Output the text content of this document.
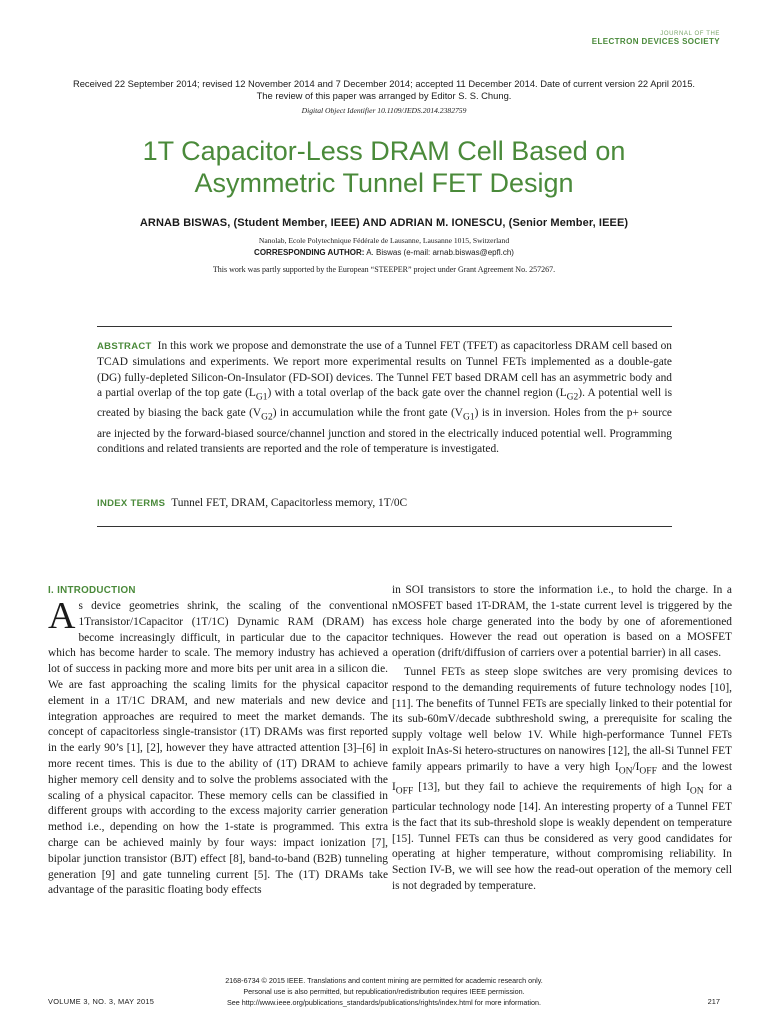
JOURNAL OF THE
ELECTRON DEVICES SOCIETY
Received 22 September 2014; revised 12 November 2014 and 7 December 2014; accepted 11 December 2014. Date of current version 22 April 2015.
The review of this paper was arranged by Editor S. S. Chung.
Digital Object Identifier 10.1109/JEDS.2014.2382759
1T Capacitor-Less DRAM Cell Based on
Asymmetric Tunnel FET Design
ARNAB BISWAS, (Student Member, IEEE) AND ADRIAN M. IONESCU, (Senior Member, IEEE)
Nanolab, Ecole Polytechnique Fédérale de Lausanne, Lausanne 1015, Switzerland
CORRESPONDING AUTHOR: A. Biswas (e-mail: arnab.biswas@epfl.ch)
This work was partly supported by the European “STEEPER” project under Grant Agreement No. 257267.
ABSTRACT In this work we propose and demonstrate the use of a Tunnel FET (TFET) as capacitorless DRAM cell based on TCAD simulations and experiments. We report more experimental results on Tunnel FETs implemented as a double-gate (DG) fully-depleted Silicon-On-Insulator (FD-SOI) devices. The Tunnel FET based DRAM cell has an asymmetric body and a partial overlap of the top gate $(L_{G1})$ with a total overlap of the back gate over the channel region $(L_{G2})$. A potential well is created by biasing the back gate $(V_{G2})$ in accumulation while the front gate $(V_{G1})$ is in inversion. Holes from the p+ source are injected by the forward-biased source/channel junction and stored in the electrically induced potential well. Programming conditions and related transients are reported and the role of temperature is investigated.
INDEX TERMS Tunnel FET, DRAM, Capacitorless memory, 1T/0C
I. INTRODUCTION

As device geometries shrink, the scaling of the conventional 1Transistor/1Capacitor (1T/1C) Dynamic RAM (DRAM) has become increasingly difficult, in particular due to the capacitor which has become harder to scale. The memory industry has achieved a lot of success in packing more and more bits per unit area in a silicon die. We are fast approaching the scaling limits for the physical capacitor element in a 1T/1C DRAM, and new materials and new device and integration approaches are required to meet the market demands. The concept of capacitorless single-transistor (1T) DRAMs was first reported in the early 90’s [1], [2], however they have attracted attention [3]–[6] in more recent times. This is due to the ability of (1T) DRAM to achieve higher memory cell density and to solve the problems associated with the scaling of a physical capacitor. These memory cells can be classified in different groups with according to the excess majority carrier generation method i.e., depending on how the 1-state is programmed. This extra charge can be achieved mainly by four ways: impact ionization [7], bipolar junction transistor (BJT) effect [8], band-to-band (B2B) tunneling generation [9] and gate tunneling current [5]. The (1T) DRAMs take advantage of the parasitic floating body effects

in SOI transistors to store the information i.e., to hold the charge. In a nMOSFET based 1T-DRAM, the 1-state current level is triggered by the excess hole charge generated into the body by one of aforementioned techniques. However the read out operation is based on a MOSFET operation (drift/diffusion of carriers over a potential barrier) in all cases.

Tunnel FETs as steep slope switches are very promising devices to respond to the demanding requirements of future technology nodes [10], [11]. The benefits of Tunnel FETs are specially linked to their potential for its sub-60mV/decade subthreshold swing, a prerequisite for scaling the supply voltage well below 1V. While high-performance Tunnel FETs exploit InAs-Si hetero-structures on nanowires [12], the all-Si Tunnel FET family appears primarily to have a very high $I_{ON}/I_{OFF}$ and the lowest $I_{OFF}$ [13], but they fail to achieve the requirements of high $I_{ON}$ for a particular technology node [14]. An interesting property of a Tunnel FET is the fact that its sub-threshold slope is weakly dependent on temperature [15]. Tunnel FETs can thus be considered as very good candidates for operating at higher temperature, without compromising reliability. In Section IV-B, we will see how the read-out operation of the memory cell is not degraded by temperature.

2168-6734 © 2015 IEEE. Translations and content mining are permitted for academic research only.
Personal use is also permitted, but republication/redistribution requires IEEE permission.
See http://www.ieee.org/publications_standards/publications/rights/index.html for more information.
VOLUME 3, NO. 3, MAY 2015	217
